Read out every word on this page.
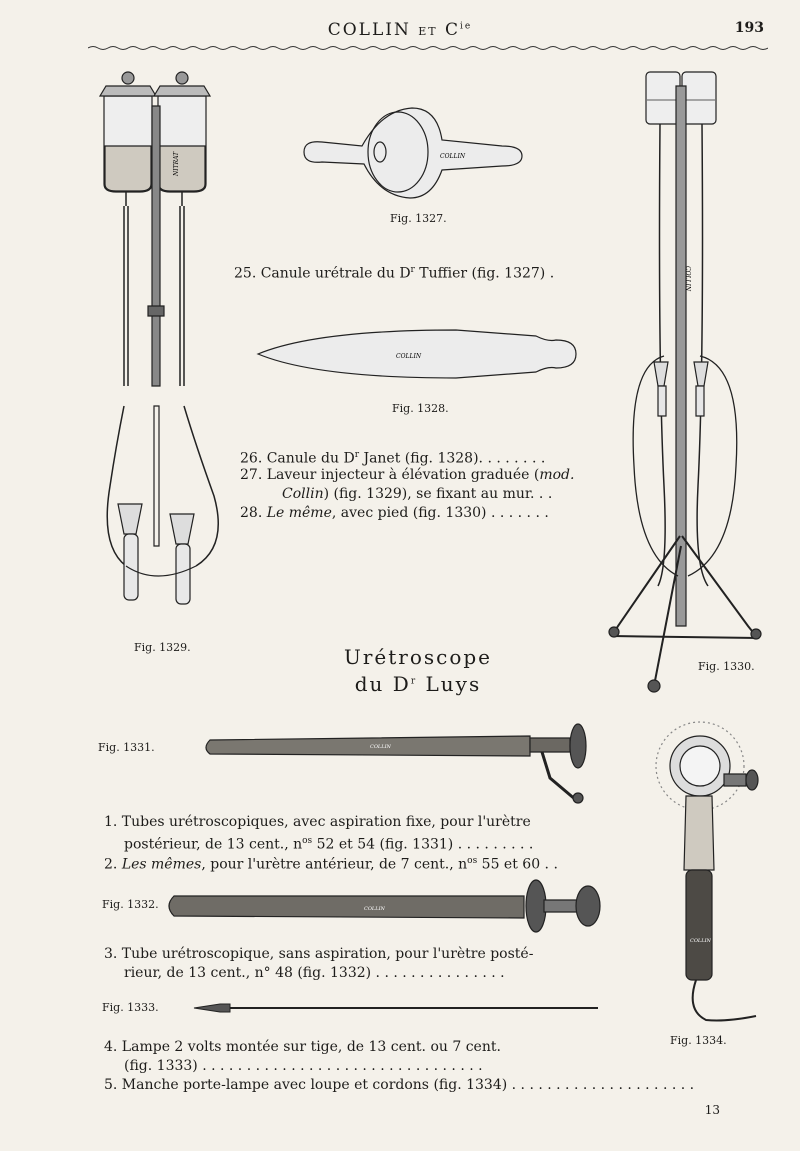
COLLIN ET $C^{ie}$	193
NITRAT
Fig. 1329.
COLLIN
Fig. 1327.
25. Canule urétrale du $D^r$ Tuffier (fig. 1327) .
COLLIN
Fig. 1328.
26. Canule du $D^r$ Janet (fig. 1328). . . . . . . .
27. Laveur injecteur à élévation graduée (mod.
Collin) (fig. 1329), se fixant au mur. . .
28. Le même, avec pied (fig. 1330) . . . . . . .
COLLIN
Fig. 1330.
Urétroscope
du $D^r$ Luys
Fig. 1331.	COLLIN
1. Tubes urétroscopiques, avec aspiration fixe, pour l'urètre
postérieur, de 13 cent., $n^{os}$ 52 et 54 (fig. 1331) . . . . . . . . .
2. Les mêmes, pour l'urètre antérieur, de 7 cent., $n^{os}$ 55 et 60 . .
Fig. 1332.	COLLIN
3. Tube urétroscopique, sans aspiration, pour l'urètre posté-
rieur, de 13 cent., n° 48 (fig. 1332) . . . . . . . . . . . . . . .
Fig. 1333.
4. Lampe 2 volts montée sur tige, de 13 cent. ou 7 cent.
(fig. 1333) . . . . . . . . . . . . . . . . . . . . . . . . . . . . . . . .
5. Manche porte-lampe avec loupe et cordons (fig. 1334) . . . . . . . . . . . . . . . . . . . . .
COLLIN
Fig. 1334.
13
